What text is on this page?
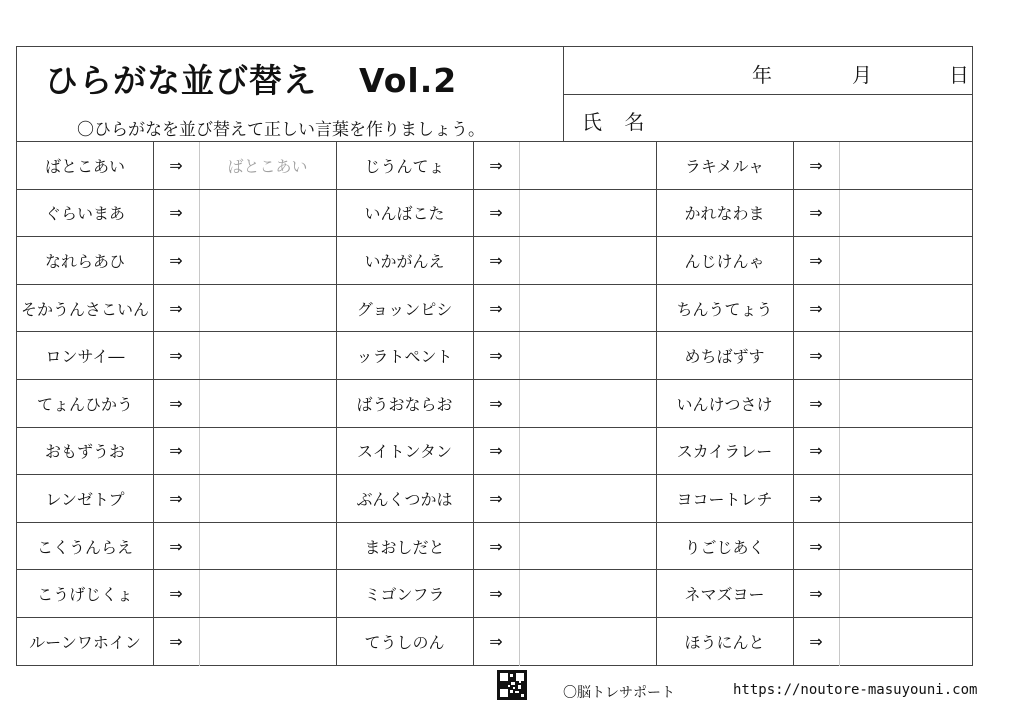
ひらがな並び替え Vol.2
〇ひらがなを並び替えて正しい言葉を作りましょう。
年	月	日
氏 名
ばとこあい	⇒	ばとこあい	じうんてょ	⇒	ラキメルャ	⇒
ぐらいまあ	⇒	いんばこた	⇒	かれなわま	⇒
なれらあひ	⇒	いかがんえ	⇒	んじけんゃ	⇒
そかうんさこいん	⇒	グョッンピシ	⇒	ちんうてょう	⇒
ロンサイ―	⇒	ッラトペント	⇒	めちばずす	⇒
てょんひかう	⇒	ばうおならお	⇒	いんけつさけ	⇒
おもずうお	⇒	スイトンタン	⇒	スカイラレー	⇒
レンゼトプ	⇒	ぶんくつかは	⇒	ヨコートレチ	⇒
こくうんらえ	⇒	まおしだと	⇒	りごじあく	⇒
こうげじくょ	⇒	ミゴンフラ	⇒	ネマズヨー	⇒
ルーンワホイン	⇒	てうしのん	⇒	ほうにんと	⇒
〇脳トレサポート	https://noutore-masuyouni.com
